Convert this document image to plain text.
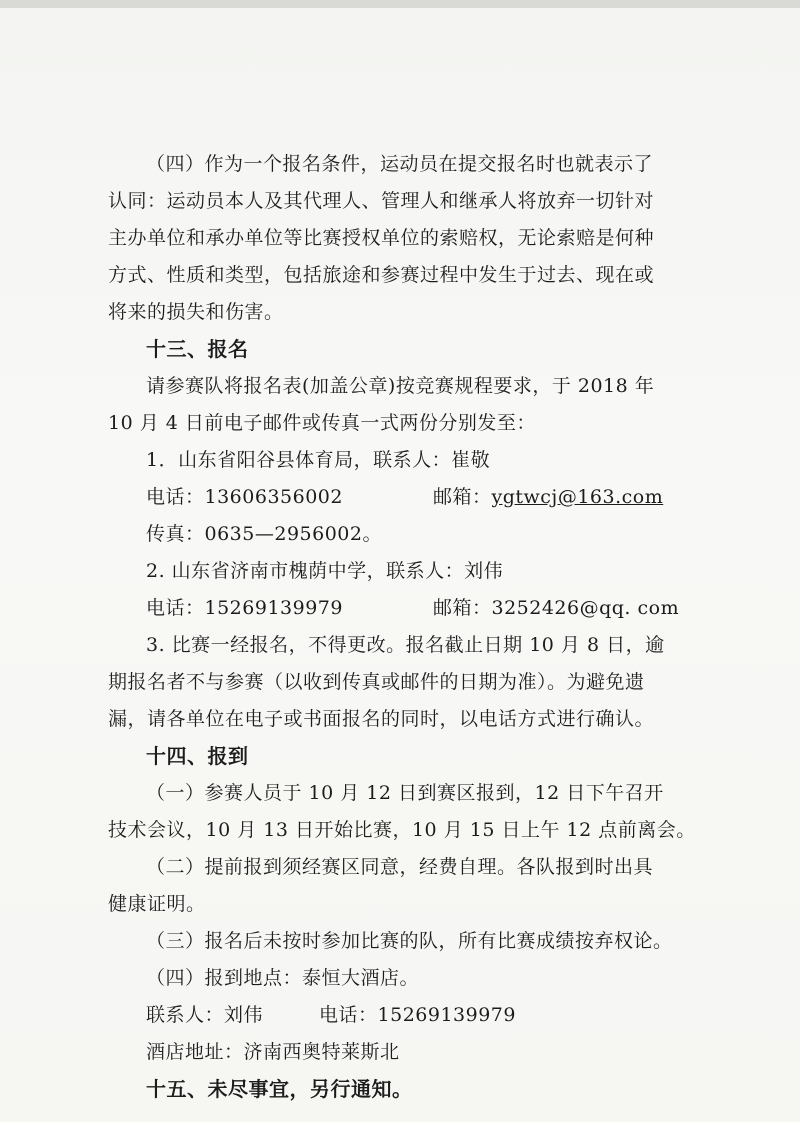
（四）作为一个报名条件，运动员在提交报名时也就表示了

认同：运动员本人及其代理人、管理人和继承人将放弃一切针对

主办单位和承办单位等比赛授权单位的索赔权，无论索赔是何种

方式、性质和类型，包括旅途和参赛过程中发生于过去、现在或

将来的损失和伤害。

十三、报名

请参赛队将报名表(加盖公章)按竞赛规程要求，于 2018 年

10 月 4 日前电子邮件或传真一式两份分别发至：

1．山东省阳谷县体育局，联系人：崔敬

电话：13606356002	邮箱：ygtwcj@163.com

传真：0635—2956002。

2. 山东省济南市槐荫中学，联系人：刘伟

电话：15269139979	邮箱：3252426@qq. com

3. 比赛一经报名，不得更改。报名截止日期 10 月 8 日，逾

期报名者不与参赛（以收到传真或邮件的日期为准）。为避免遗

漏，请各单位在电子或书面报名的同时，以电话方式进行确认。

十四、报到

（一）参赛人员于 10 月 12 日到赛区报到，12 日下午召开

技术会议，10 月 13 日开始比赛，10 月 15 日上午 12 点前离会。

（二）提前报到须经赛区同意，经费自理。各队报到时出具

健康证明。

（三）报名后未按时参加比赛的队，所有比赛成绩按弃权论。

（四）报到地点：泰恒大酒店。

联系人：刘伟	电话：15269139979

酒店地址：济南西奥特莱斯北

十五、未尽事宜，另行通知。
